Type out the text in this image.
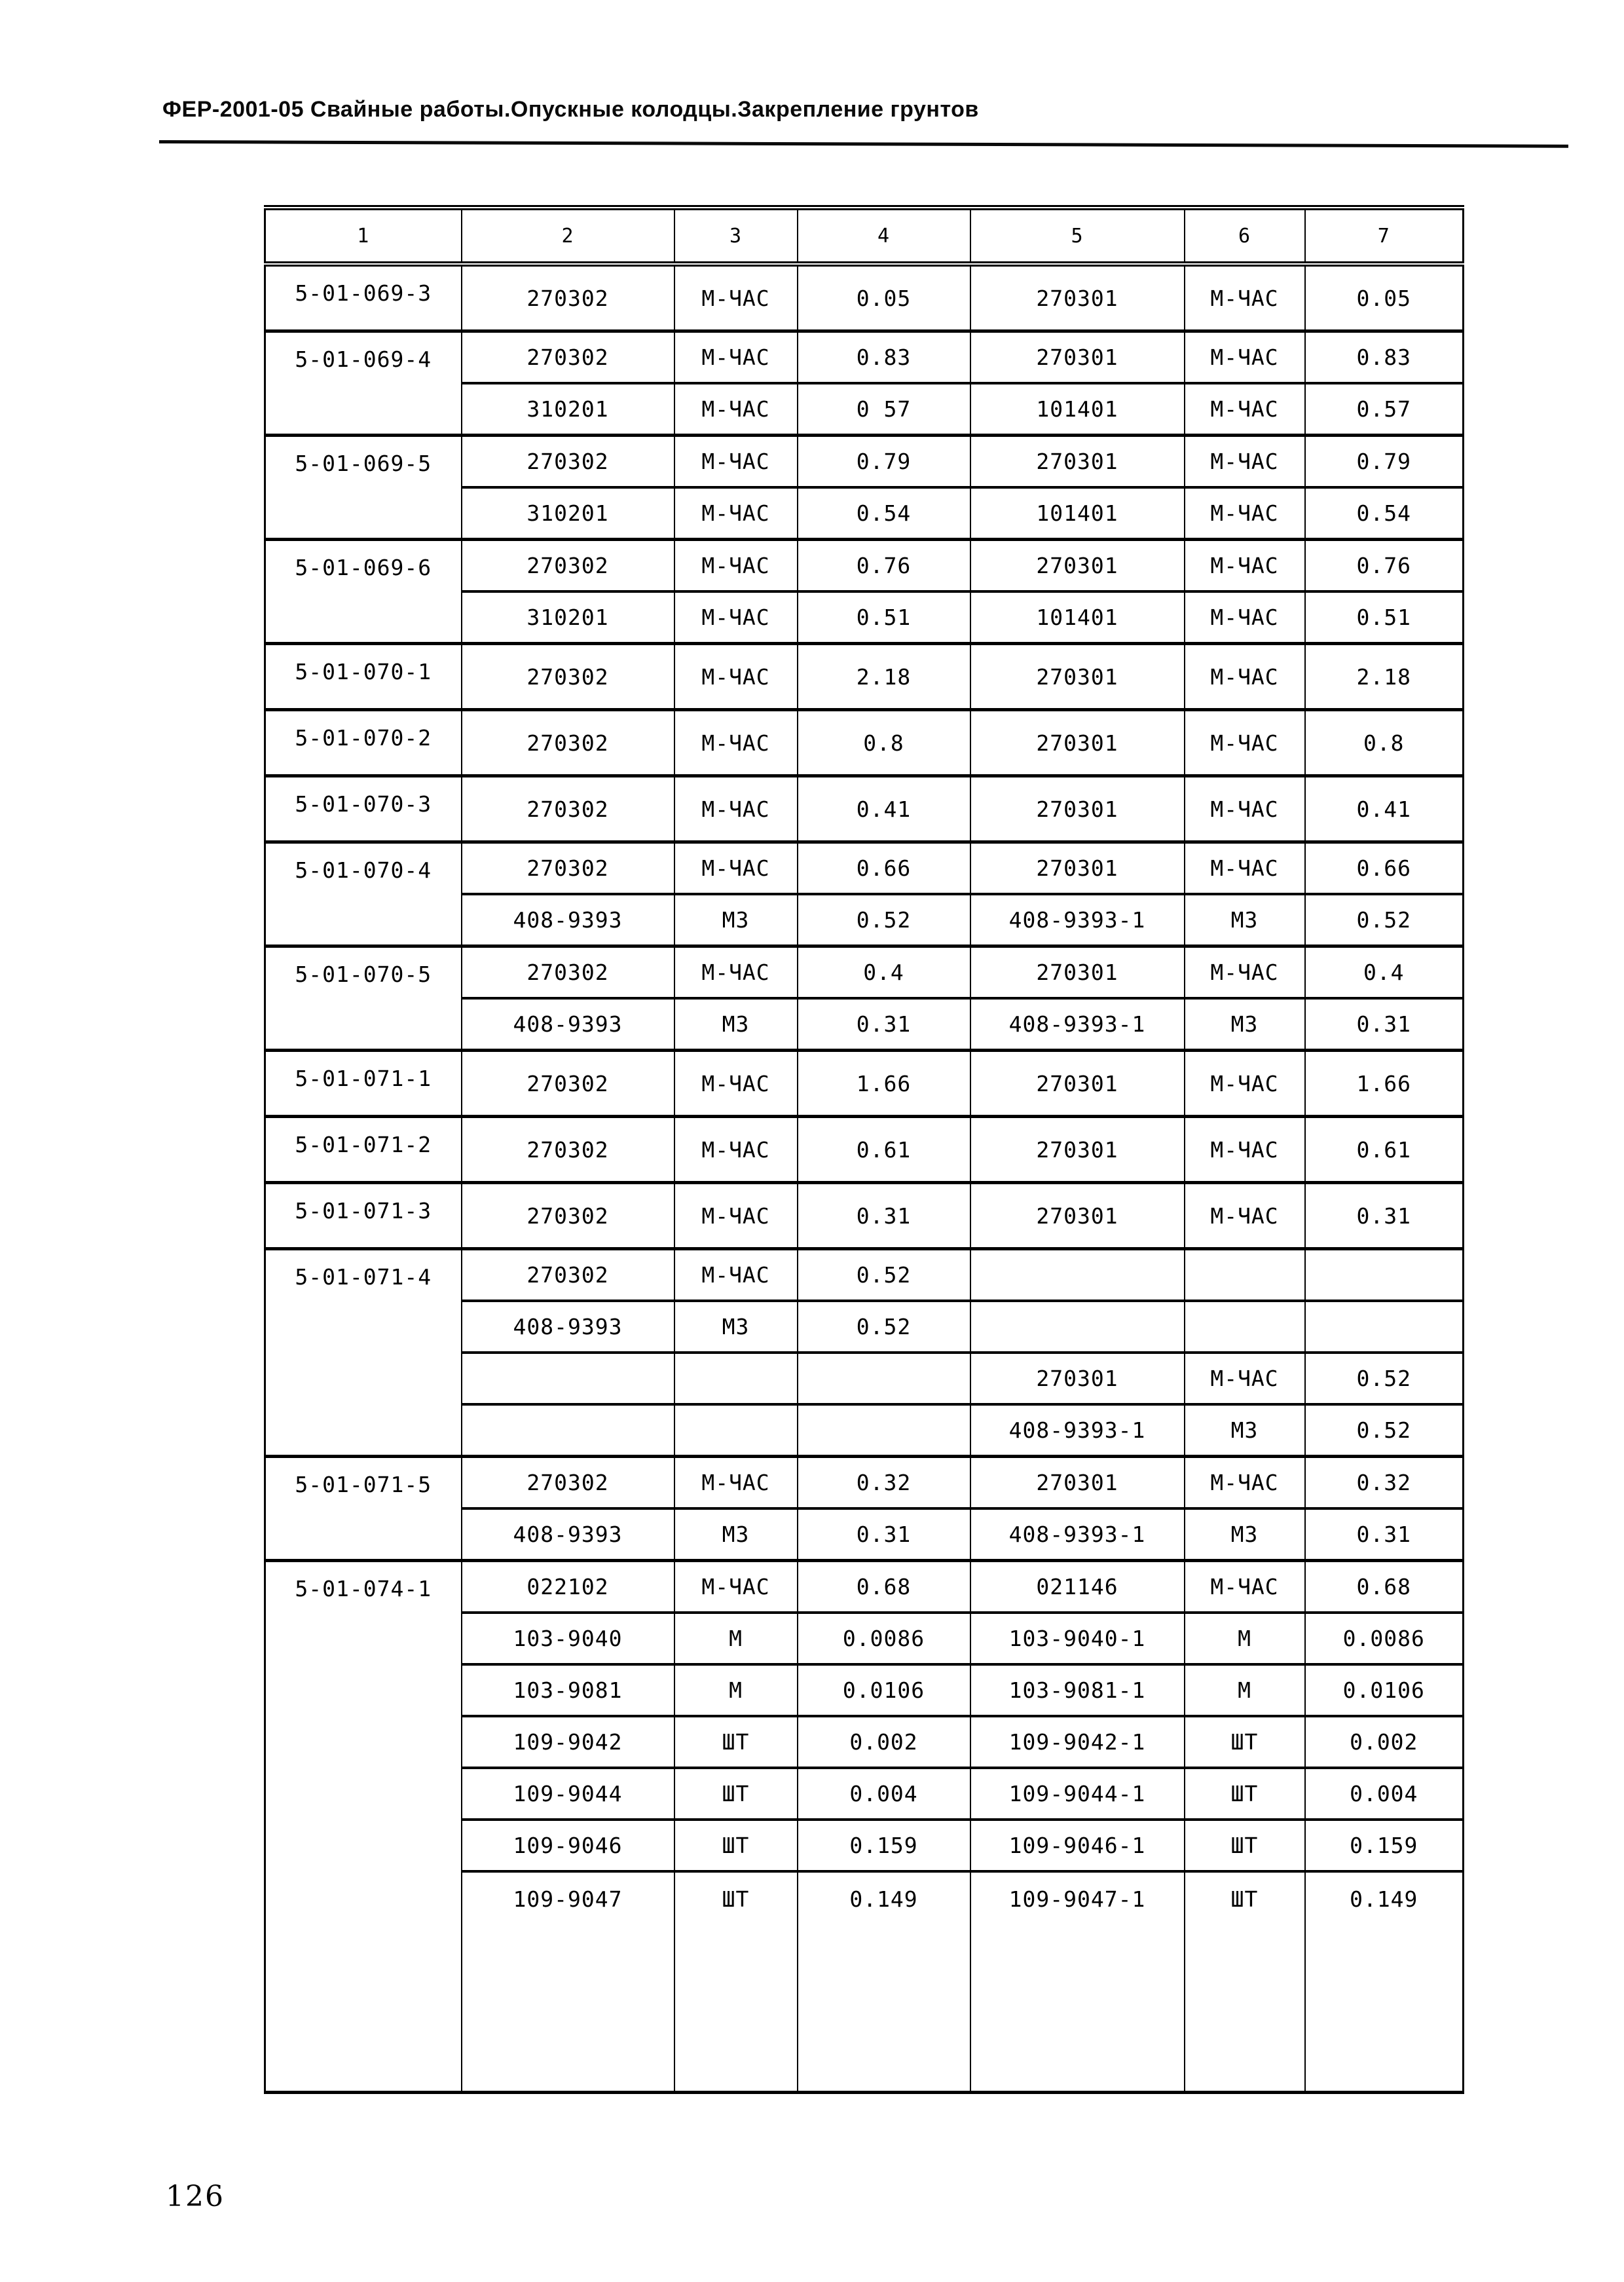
ФЕР-2001-05 Свайные работы.Опускные колодцы.Закрепление грунтов
1	2	3	4	5	6	7
5-01-069-3	270302	М-ЧАС	0.05	270301	М-ЧАС	0.05
5-01-069-4	270302	М-ЧАС	0.83	270301	М-ЧАС	0.83
	310201	М-ЧАС	0 57	101401	М-ЧАС	0.57
5-01-069-5	270302	М-ЧАС	0.79	270301	М-ЧАС	0.79
	310201	М-ЧАС	0.54	101401	М-ЧАС	0.54
5-01-069-6	270302	М-ЧАС	0.76	270301	М-ЧАС	0.76
	310201	М-ЧАС	0.51	101401	М-ЧАС	0.51
5-01-070-1	270302	М-ЧАС	2.18	270301	М-ЧАС	2.18
5-01-070-2	270302	М-ЧАС	0.8	270301	М-ЧАС	0.8
5-01-070-3	270302	М-ЧАС	0.41	270301	М-ЧАС	0.41
5-01-070-4	270302	М-ЧАС	0.66	270301	М-ЧАС	0.66
	408-9393	М3	0.52	408-9393-1	М3	0.52
5-01-070-5	270302	М-ЧАС	0.4	270301	М-ЧАС	0.4
	408-9393	М3	0.31	408-9393-1	М3	0.31
5-01-071-1	270302	М-ЧАС	1.66	270301	М-ЧАС	1.66
5-01-071-2	270302	М-ЧАС	0.61	270301	М-ЧАС	0.61
5-01-071-3	270302	М-ЧАС	0.31	270301	М-ЧАС	0.31
5-01-071-4	270302	М-ЧАС	0.52			
	408-9393	М3	0.52			
				270301	М-ЧАС	0.52
				408-9393-1	М3	0.52
5-01-071-5	270302	М-ЧАС	0.32	270301	М-ЧАС	0.32
	408-9393	М3	0.31	408-9393-1	М3	0.31
5-01-074-1	022102	М-ЧАС	0.68	021146	М-ЧАС	0.68
	103-9040	М	0.0086	103-9040-1	М	0.0086
	103-9081	М	0.0106	103-9081-1	М	0.0106
	109-9042	ШТ	0.002	109-9042-1	ШТ	0.002
	109-9044	ШТ	0.004	109-9044-1	ШТ	0.004
	109-9046	ШТ	0.159	109-9046-1	ШТ	0.159
	109-9047	ШТ	0.149	109-9047-1	ШТ	0.149
126
